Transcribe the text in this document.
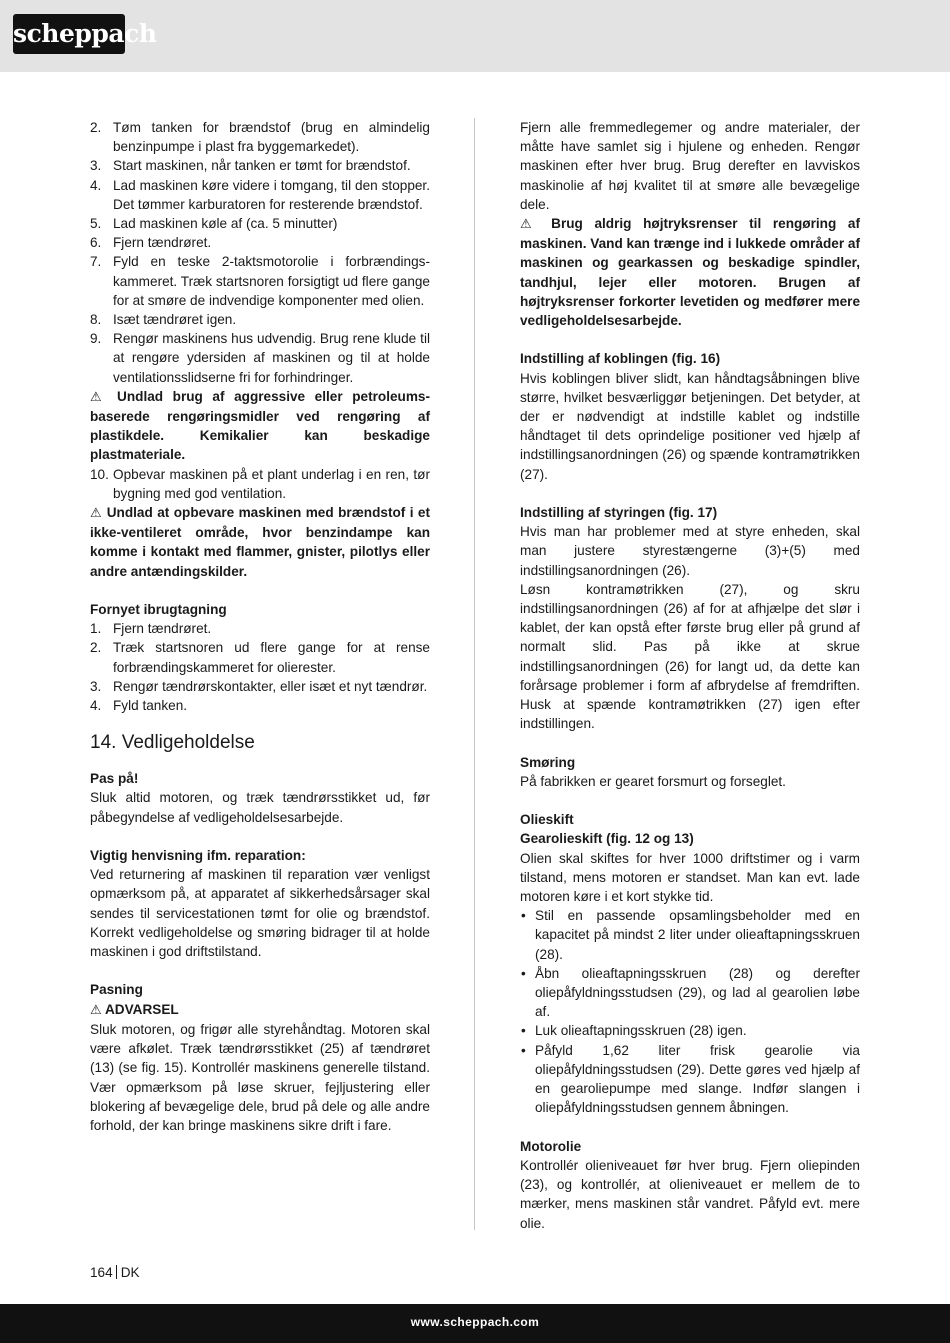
scheppach
2. Tøm tanken for brændstof (brug en almindelig benzinpumpe i plast fra byggemarkedet).
3. Start maskinen, når tanken er tømt for brændstof.
4. Lad maskinen køre videre i tomgang, til den stopper. Det tømmer karburatoren for resterende brændstof.
5. Lad maskinen køle af (ca. 5 minutter)
6. Fjern tændrøret.
7. Fyld en teske 2-taktsmotorolie i forbrændings-kammeret. Træk startsnoren forsigtigt ud flere gange for at smøre de indvendige komponenter med olien.
8. Isæt tændrøret igen.
9. Rengør maskinens hus udvendig. Brug rene klude til at rengøre ydersiden af maskinen og til at holde ventilationsslidserne fri for forhindringer.

⚠ Undlad brug af aggressive eller petroleums-baserede rengøringsmidler ved rengøring af plastikdele. Kemikalier kan beskadige plastmateriale.

10. Opbevar maskinen på et plant underlag i en ren, tør bygning med god ventilation.

⚠ Undlad at opbevare maskinen med brændstof i et ikke-ventileret område, hvor benzindampe kan komme i kontakt med flammer, gnister, pilotlys eller andre antændingskilder.

Fornyet ibrugtagning

1. Fjern tændrøret.
2. Træk startsnoren ud flere gange for at rense forbrændingskammeret for olierester.
3. Rengør tændrørskontakter, eller isæt et nyt tændrør.
4. Fyld tanken.
14. Vedligeholdelse

Pas på!

Sluk altid motoren, og træk tændrørsstikket ud, før påbegyndelse af vedligeholdelsesarbejde.

Vigtig henvisning ifm. reparation:

Ved returnering af maskinen til reparation vær venligst opmærksom på, at apparatet af sikkerhedsårsager skal sendes til servicestationen tømt for olie og brændstof. Korrekt vedligeholdelse og smøring bidrager til at holde maskinen i god driftstilstand.

Pasning

⚠ ADVARSEL

Sluk motoren, og frigør alle styrehåndtag. Motoren skal være afkølet. Træk tændrørsstikket (25) af tændrøret (13) (se fig. 15). Kontrollér maskinens generelle tilstand. Vær opmærksom på løse skruer, fejljustering eller blokering af bevægelige dele, brud på dele og alle andre forhold, der kan bringe maskinens sikre drift i fare.

Fjern alle fremmedlegemer og andre materialer, der måtte have samlet sig i hjulene og enheden. Rengør maskinen efter hver brug. Brug derefter en lavviskos maskinolie af høj kvalitet til at smøre alle bevægelige dele.

⚠ Brug aldrig højtryksrenser til rengøring af maskinen. Vand kan trænge ind i lukkede områder af maskinen og gearkassen og beskadige spindler, tandhjul, lejer eller motoren. Brugen af højtryksrenser forkorter levetiden og medfører mere vedligeholdelsesarbejde.

Indstilling af koblingen (fig. 16)

Hvis koblingen bliver slidt, kan håndtagsåbningen blive større, hvilket besværliggør betjeningen. Det betyder, at der er nødvendigt at indstille kablet og indstille håndtaget til dets oprindelige positioner ved hjælp af indstillingsanordningen (26) og spænde kontramøtrikken (27).

Indstilling af styringen (fig. 17)

Hvis man har problemer med at styre enheden, skal man justere styrestængerne (3)+(5) med indstillingsanordningen (26).

Løsn kontramøtrikken (27), og skru indstillingsanordningen (26) af for at afhjælpe det slør i kablet, der kan opstå efter første brug eller på grund af normalt slid. Pas på ikke at skrue indstillingsanordningen (26) for langt ud, da dette kan forårsage problemer i form af afbrydelse af fremdriften. Husk at spænde kontramøtrikken (27) igen efter indstillingen.

Smøring

På fabrikken er gearet forsmurt og forseglet.

Olieskift

Gearolieskift (fig. 12 og 13)

Olien skal skiftes for hver 1000 driftstimer og i varm tilstand, mens motoren er standset. Man kan evt. lade motoren køre i et kort stykke tid.

• Stil en passende opsamlingsbeholder med en kapacitet på mindst 2 liter under olieaftapningsskruen (28).
• Åbn olieaftapningsskruen (28) og derefter oliepåfyldningsstudsen (29), og lad al gearolien løbe af.
• Luk olieaftapningsskruen (28) igen.
• Påfyld 1,62 liter frisk gearolie via oliepåfyldningsstudsen (29). Dette gøres ved hjælp af en gearoliepumpe med slange. Indfør slangen i oliepåfyldningsstudsen gennem åbningen.

Motorolie

Kontrollér olieniveauet før hver brug. Fjern oliepinden (23), og kontrollér, at olieniveauet er mellem de to mærker, mens maskinen står vandret. Påfyld evt. mere olie.

164 DK
www.scheppach.com
